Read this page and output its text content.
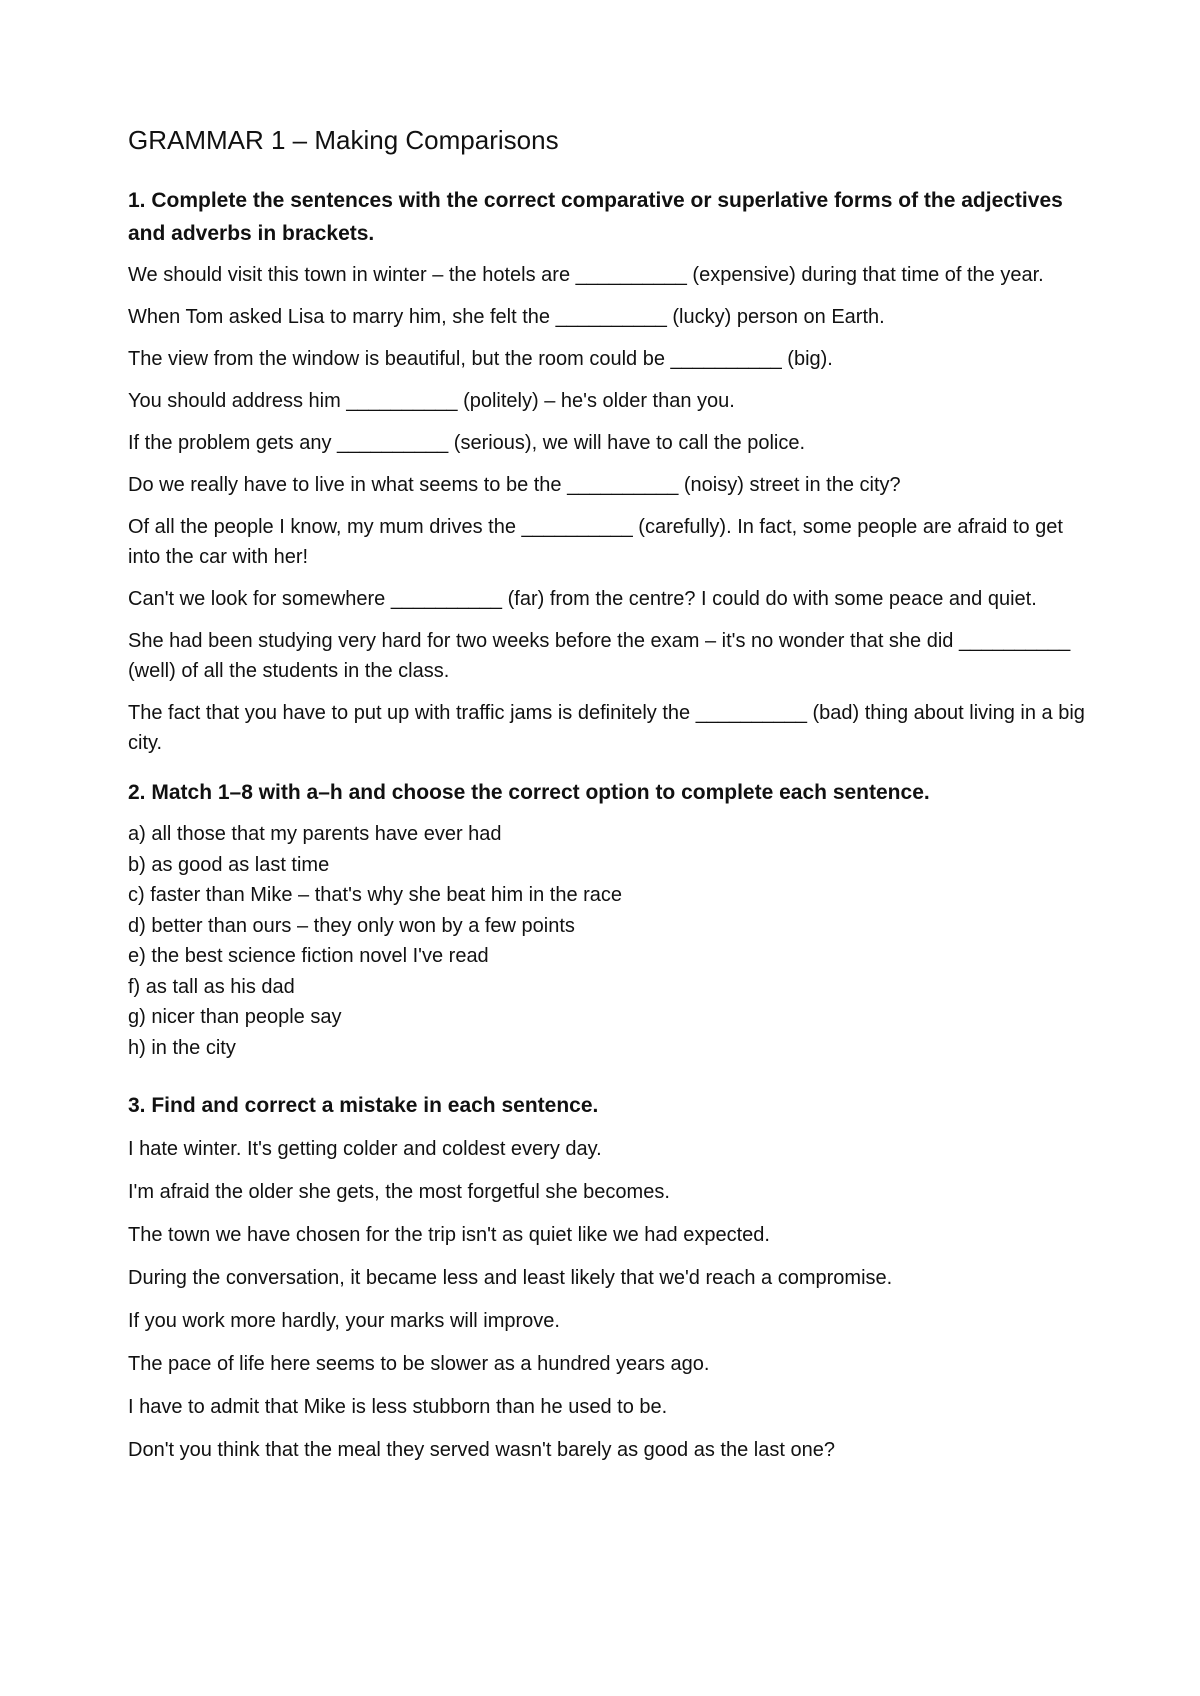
GRAMMAR 1 – Making Comparisons
1. Complete the sentences with the correct comparative or superlative forms of the adjectives and adverbs in brackets.

We should visit this town in winter – the hotels are __________ (expensive) during that time of the year.

When Tom asked Lisa to marry him, she felt the __________ (lucky) person on Earth.

The view from the window is beautiful, but the room could be __________ (big).

You should address him __________ (politely) – he's older than you.

If the problem gets any __________ (serious), we will have to call the police.

Do we really have to live in what seems to be the __________ (noisy) street in the city?

Of all the people I know, my mum drives the __________ (carefully). In fact, some people are afraid to get into the car with her!

Can't we look for somewhere __________ (far) from the centre? I could do with some peace and quiet.

She had been studying very hard for two weeks before the exam – it's no wonder that she did __________ (well) of all the students in the class.

The fact that you have to put up with traffic jams is definitely the __________ (bad) thing about living in a big city.

2. Match 1–8 with a–h and choose the correct option to complete each sentence.
a) all those that my parents have ever had
b) as good as last time
c) faster than Mike – that's why she beat him in the race
d) better than ours – they only won by a few points
e) the best science fiction novel I've read
f) as tall as his dad
g) nicer than people say
h) in the city
3. Find and correct a mistake in each sentence.

I hate winter. It's getting colder and coldest every day.

I'm afraid the older she gets, the most forgetful she becomes.

The town we have chosen for the trip isn't as quiet like we had expected.

During the conversation, it became less and least likely that we'd reach a compromise.

If you work more hardly, your marks will improve.

The pace of life here seems to be slower as a hundred years ago.

I have to admit that Mike is less stubborn than he used to be.

Don't you think that the meal they served wasn't barely as good as the last one?
